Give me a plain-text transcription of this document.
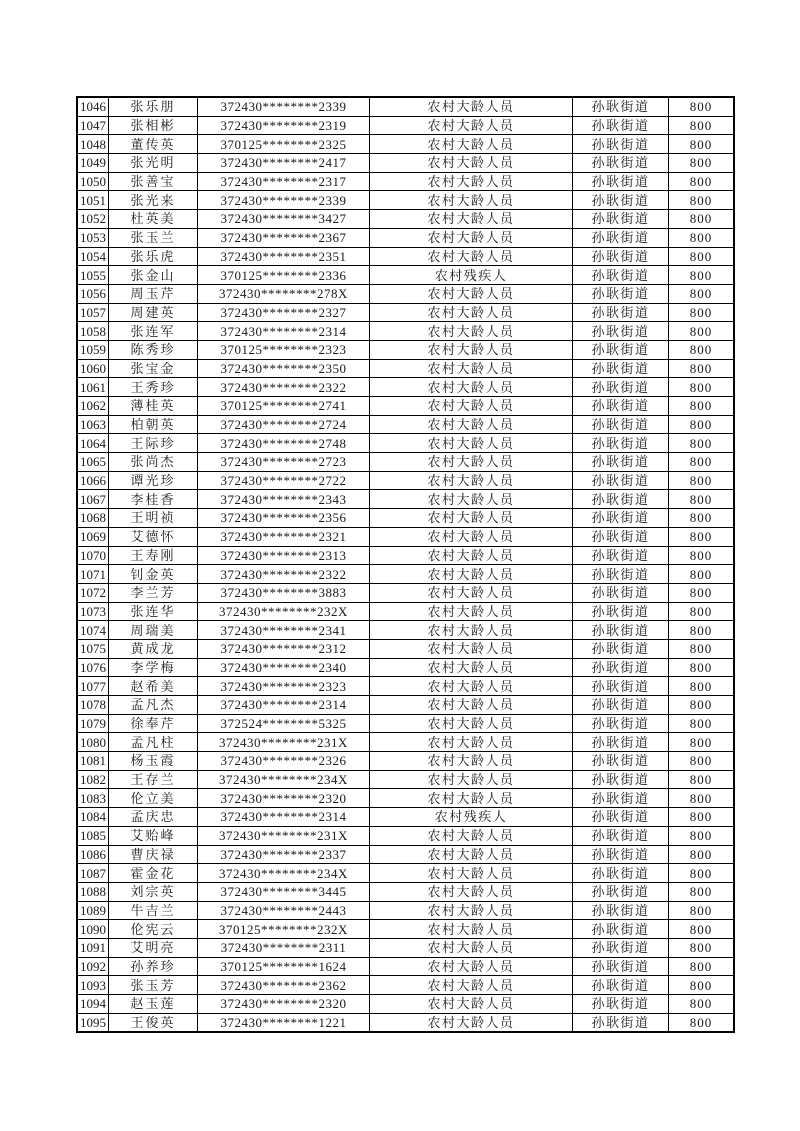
1046	张乐朋	372430********2339	农村大龄人员	孙耿街道	800
1047	张相彬	372430********2319	农村大龄人员	孙耿街道	800
1048	董传英	370125********2325	农村大龄人员	孙耿街道	800
1049	张光明	372430********2417	农村大龄人员	孙耿街道	800
1050	张善宝	372430********2317	农村大龄人员	孙耿街道	800
1051	张光来	372430********2339	农村大龄人员	孙耿街道	800
1052	杜英美	372430********3427	农村大龄人员	孙耿街道	800
1053	张玉兰	372430********2367	农村大龄人员	孙耿街道	800
1054	张乐虎	372430********2351	农村大龄人员	孙耿街道	800
1055	张金山	370125********2336	农村残疾人	孙耿街道	800
1056	周玉芹	372430********278X	农村大龄人员	孙耿街道	800
1057	周建英	372430********2327	农村大龄人员	孙耿街道	800
1058	张连军	372430********2314	农村大龄人员	孙耿街道	800
1059	陈秀珍	370125********2323	农村大龄人员	孙耿街道	800
1060	张宝金	372430********2350	农村大龄人员	孙耿街道	800
1061	王秀珍	372430********2322	农村大龄人员	孙耿街道	800
1062	薄桂英	370125********2741	农村大龄人员	孙耿街道	800
1063	柏朝英	372430********2724	农村大龄人员	孙耿街道	800
1064	王际珍	372430********2748	农村大龄人员	孙耿街道	800
1065	张尚杰	372430********2723	农村大龄人员	孙耿街道	800
1066	谭光珍	372430********2722	农村大龄人员	孙耿街道	800
1067	李桂香	372430********2343	农村大龄人员	孙耿街道	800
1068	王明祯	372430********2356	农村大龄人员	孙耿街道	800
1069	艾德怀	372430********2321	农村大龄人员	孙耿街道	800
1070	王寿刚	372430********2313	农村大龄人员	孙耿街道	800
1071	钊金英	372430********2322	农村大龄人员	孙耿街道	800
1072	李兰芳	372430********3883	农村大龄人员	孙耿街道	800
1073	张连华	372430********232X	农村大龄人员	孙耿街道	800
1074	周瑞美	372430********2341	农村大龄人员	孙耿街道	800
1075	黄成龙	372430********2312	农村大龄人员	孙耿街道	800
1076	李学梅	372430********2340	农村大龄人员	孙耿街道	800
1077	赵希美	372430********2323	农村大龄人员	孙耿街道	800
1078	孟凡杰	372430********2314	农村大龄人员	孙耿街道	800
1079	徐奉芹	372524********5325	农村大龄人员	孙耿街道	800
1080	孟凡柱	372430********231X	农村大龄人员	孙耿街道	800
1081	杨玉霞	372430********2326	农村大龄人员	孙耿街道	800
1082	王存兰	372430********234X	农村大龄人员	孙耿街道	800
1083	伦立美	372430********2320	农村大龄人员	孙耿街道	800
1084	孟庆忠	372430********2314	农村残疾人	孙耿街道	800
1085	艾贻峰	372430********231X	农村大龄人员	孙耿街道	800
1086	曹庆禄	372430********2337	农村大龄人员	孙耿街道	800
1087	霍金花	372430********234X	农村大龄人员	孙耿街道	800
1088	刘宗英	372430********3445	农村大龄人员	孙耿街道	800
1089	牛吉兰	372430********2443	农村大龄人员	孙耿街道	800
1090	伦宪云	370125********232X	农村大龄人员	孙耿街道	800
1091	艾明亮	372430********2311	农村大龄人员	孙耿街道	800
1092	孙养珍	370125********1624	农村大龄人员	孙耿街道	800
1093	张玉芳	372430********2362	农村大龄人员	孙耿街道	800
1094	赵玉莲	372430********2320	农村大龄人员	孙耿街道	800
1095	王俊英	372430********1221	农村大龄人员	孙耿街道	800
